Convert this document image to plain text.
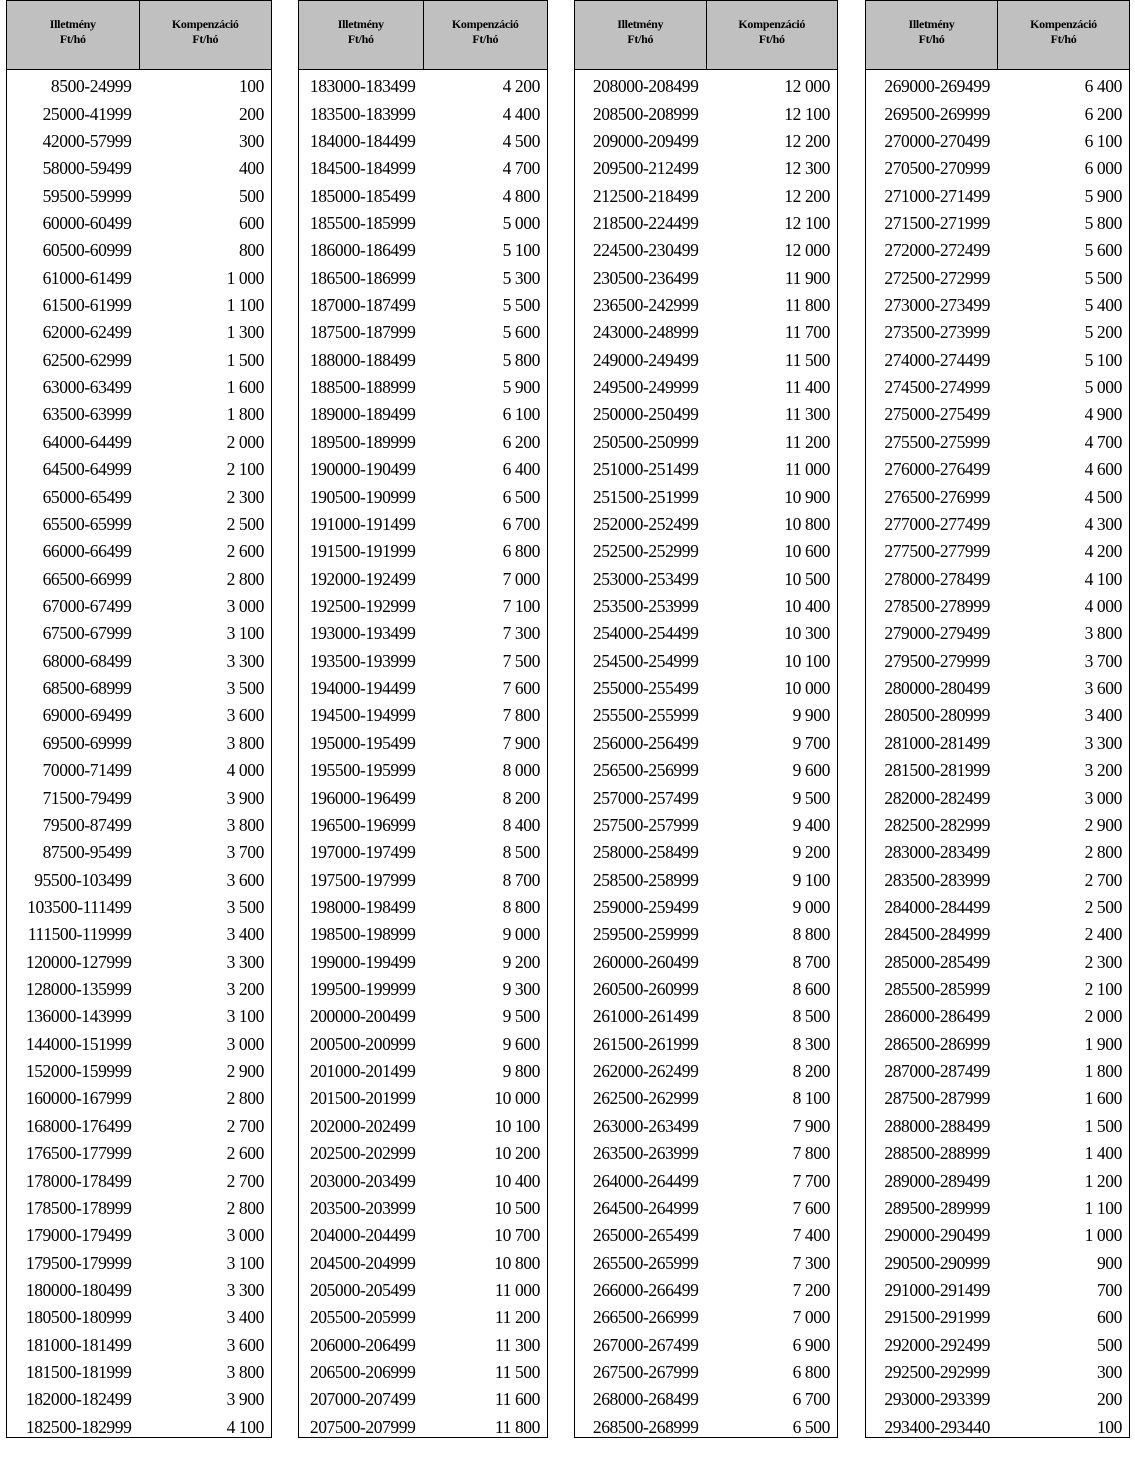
Illetmény
Ft/hó
Kompenzáció
Ft/hó
8500-24999	100
25000-41999	200
42000-57999	300
58000-59499	400
59500-59999	500
60000-60499	600
60500-60999	800
61000-61499	1 000
61500-61999	1 100
62000-62499	1 300
62500-62999	1 500
63000-63499	1 600
63500-63999	1 800
64000-64499	2 000
64500-64999	2 100
65000-65499	2 300
65500-65999	2 500
66000-66499	2 600
66500-66999	2 800
67000-67499	3 000
67500-67999	3 100
68000-68499	3 300
68500-68999	3 500
69000-69499	3 600
69500-69999	3 800
70000-71499	4 000
71500-79499	3 900
79500-87499	3 800
87500-95499	3 700
95500-103499	3 600
103500-111499	3 500
111500-119999	3 400
120000-127999	3 300
128000-135999	3 200
136000-143999	3 100
144000-151999	3 000
152000-159999	2 900
160000-167999	2 800
168000-176499	2 700
176500-177999	2 600
178000-178499	2 700
178500-178999	2 800
179000-179499	3 000
179500-179999	3 100
180000-180499	3 300
180500-180999	3 400
181000-181499	3 600
181500-181999	3 800
182000-182499	3 900
182500-182999	4 100
Illetmény
Ft/hó
Kompenzáció
Ft/hó
183000-183499	4 200
183500-183999	4 400
184000-184499	4 500
184500-184999	4 700
185000-185499	4 800
185500-185999	5 000
186000-186499	5 100
186500-186999	5 300
187000-187499	5 500
187500-187999	5 600
188000-188499	5 800
188500-188999	5 900
189000-189499	6 100
189500-189999	6 200
190000-190499	6 400
190500-190999	6 500
191000-191499	6 700
191500-191999	6 800
192000-192499	7 000
192500-192999	7 100
193000-193499	7 300
193500-193999	7 500
194000-194499	7 600
194500-194999	7 800
195000-195499	7 900
195500-195999	8 000
196000-196499	8 200
196500-196999	8 400
197000-197499	8 500
197500-197999	8 700
198000-198499	8 800
198500-198999	9 000
199000-199499	9 200
199500-199999	9 300
200000-200499	9 500
200500-200999	9 600
201000-201499	9 800
201500-201999	10 000
202000-202499	10 100
202500-202999	10 200
203000-203499	10 400
203500-203999	10 500
204000-204499	10 700
204500-204999	10 800
205000-205499	11 000
205500-205999	11 200
206000-206499	11 300
206500-206999	11 500
207000-207499	11 600
207500-207999	11 800
Illetmény
Ft/hó
Kompenzáció
Ft/hó
208000-208499	12 000
208500-208999	12 100
209000-209499	12 200
209500-212499	12 300
212500-218499	12 200
218500-224499	12 100
224500-230499	12 000
230500-236499	11 900
236500-242999	11 800
243000-248999	11 700
249000-249499	11 500
249500-249999	11 400
250000-250499	11 300
250500-250999	11 200
251000-251499	11 000
251500-251999	10 900
252000-252499	10 800
252500-252999	10 600
253000-253499	10 500
253500-253999	10 400
254000-254499	10 300
254500-254999	10 100
255000-255499	10 000
255500-255999	9 900
256000-256499	9 700
256500-256999	9 600
257000-257499	9 500
257500-257999	9 400
258000-258499	9 200
258500-258999	9 100
259000-259499	9 000
259500-259999	8 800
260000-260499	8 700
260500-260999	8 600
261000-261499	8 500
261500-261999	8 300
262000-262499	8 200
262500-262999	8 100
263000-263499	7 900
263500-263999	7 800
264000-264499	7 700
264500-264999	7 600
265000-265499	7 400
265500-265999	7 300
266000-266499	7 200
266500-266999	7 000
267000-267499	6 900
267500-267999	6 800
268000-268499	6 700
268500-268999	6 500
Illetmény
Ft/hó
Kompenzáció
Ft/hó
269000-269499	6 400
269500-269999	6 200
270000-270499	6 100
270500-270999	6 000
271000-271499	5 900
271500-271999	5 800
272000-272499	5 600
272500-272999	5 500
273000-273499	5 400
273500-273999	5 200
274000-274499	5 100
274500-274999	5 000
275000-275499	4 900
275500-275999	4 700
276000-276499	4 600
276500-276999	4 500
277000-277499	4 300
277500-277999	4 200
278000-278499	4 100
278500-278999	4 000
279000-279499	3 800
279500-279999	3 700
280000-280499	3 600
280500-280999	3 400
281000-281499	3 300
281500-281999	3 200
282000-282499	3 000
282500-282999	2 900
283000-283499	2 800
283500-283999	2 700
284000-284499	2 500
284500-284999	2 400
285000-285499	2 300
285500-285999	2 100
286000-286499	2 000
286500-286999	1 900
287000-287499	1 800
287500-287999	1 600
288000-288499	1 500
288500-288999	1 400
289000-289499	1 200
289500-289999	1 100
290000-290499	1 000
290500-290999	900
291000-291499	700
291500-291999	600
292000-292499	500
292500-292999	300
293000-293399	200
293400-293440	100
